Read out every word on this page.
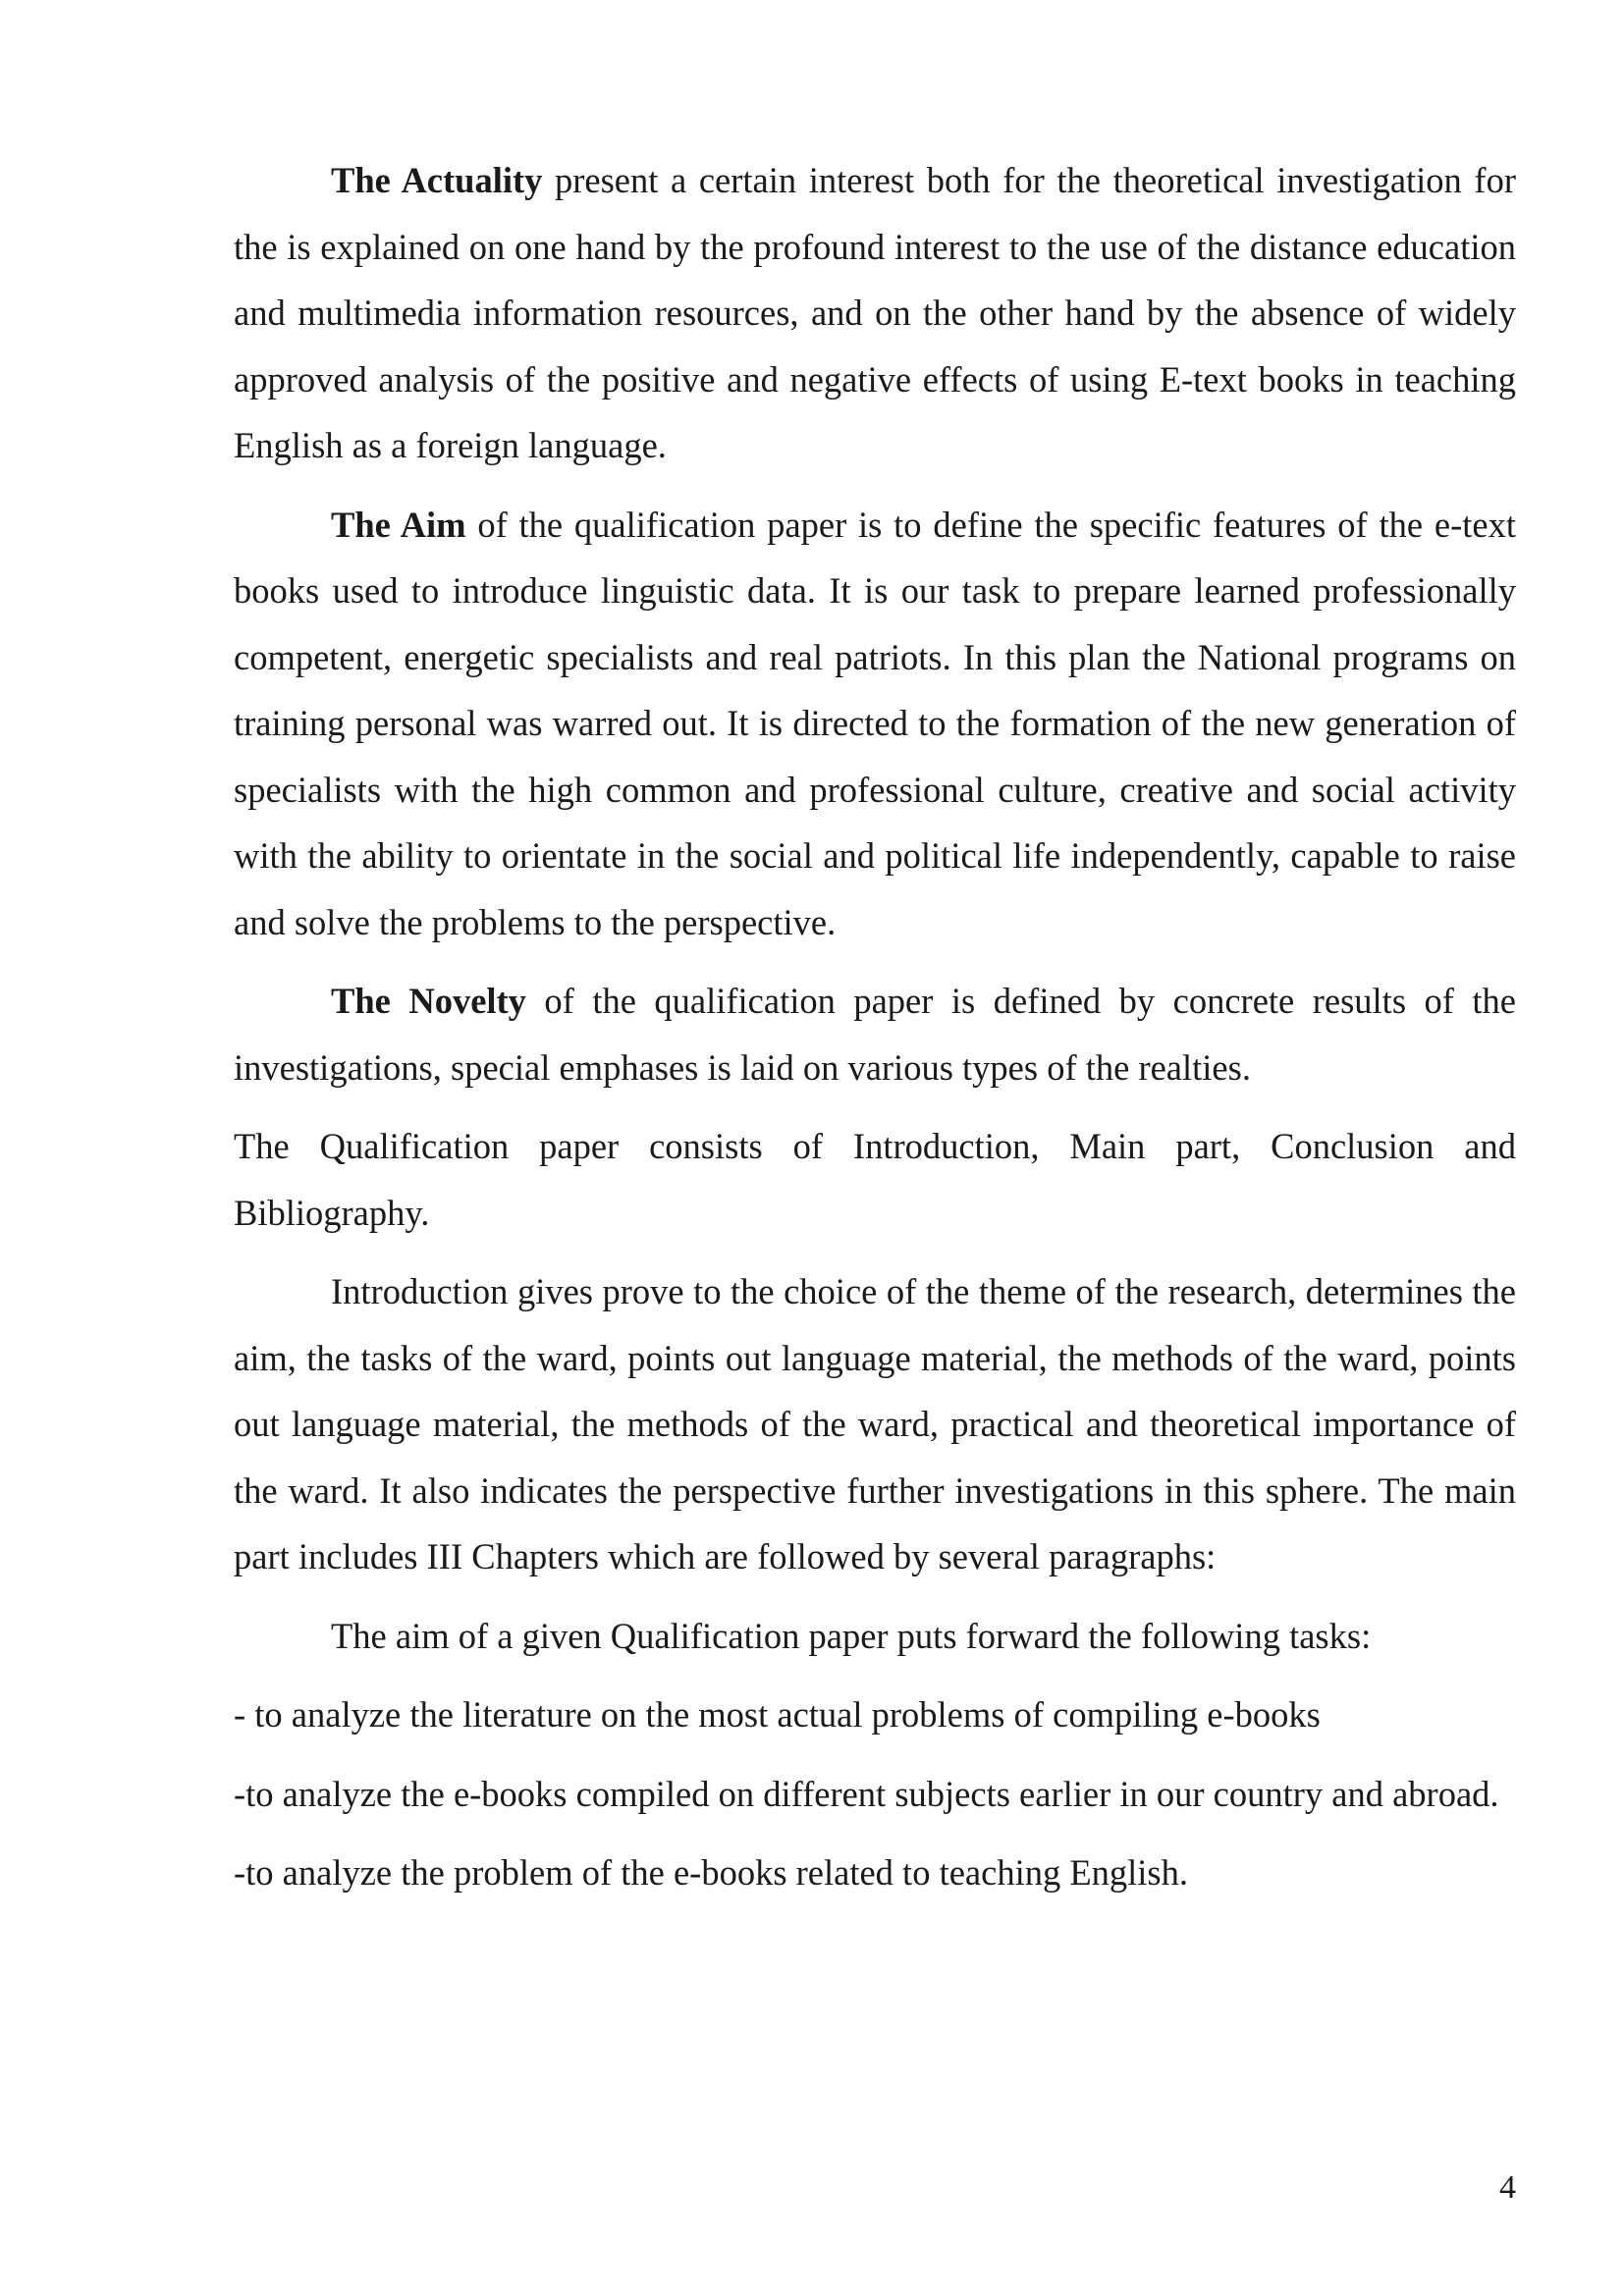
The Actuality present a certain interest both for the theoretical investigation for the is explained on one hand by the profound interest to the use of the distance education and multimedia information resources, and on the other hand by the absence of widely approved analysis of the positive and negative effects of using E-text books in teaching English as a foreign language.

The Aim of the qualification paper is to define the specific features of the e-text books used to introduce linguistic data. It is our task to prepare learned professionally competent, energetic specialists and real patriots. In this plan the National programs on training personal was warred out. It is directed to the formation of the new generation of specialists with the high common and professional culture, creative and social activity with the ability to orientate in the social and political life independently, capable to raise and solve the problems to the perspective.

The Novelty of the qualification paper is defined by concrete results of the investigations, special emphases is laid on various types of the realties.

The Qualification paper consists of Introduction, Main part, Conclusion and Bibliography.

Introduction gives prove to the choice of the theme of the research, determines the aim, the tasks of the ward, points out language material, the methods of the ward, points out language material, the methods of the ward, practical and theoretical importance of the ward. It also indicates the perspective further investigations in this sphere. The main part includes III Chapters which are followed by several paragraphs:

The aim of a given Qualification paper puts forward the following tasks:

- to analyze the literature on the most actual problems of compiling e-books

-to analyze the e-books compiled on different subjects earlier in our country and abroad.

-to analyze the problem of the e-books related to teaching English.

4
